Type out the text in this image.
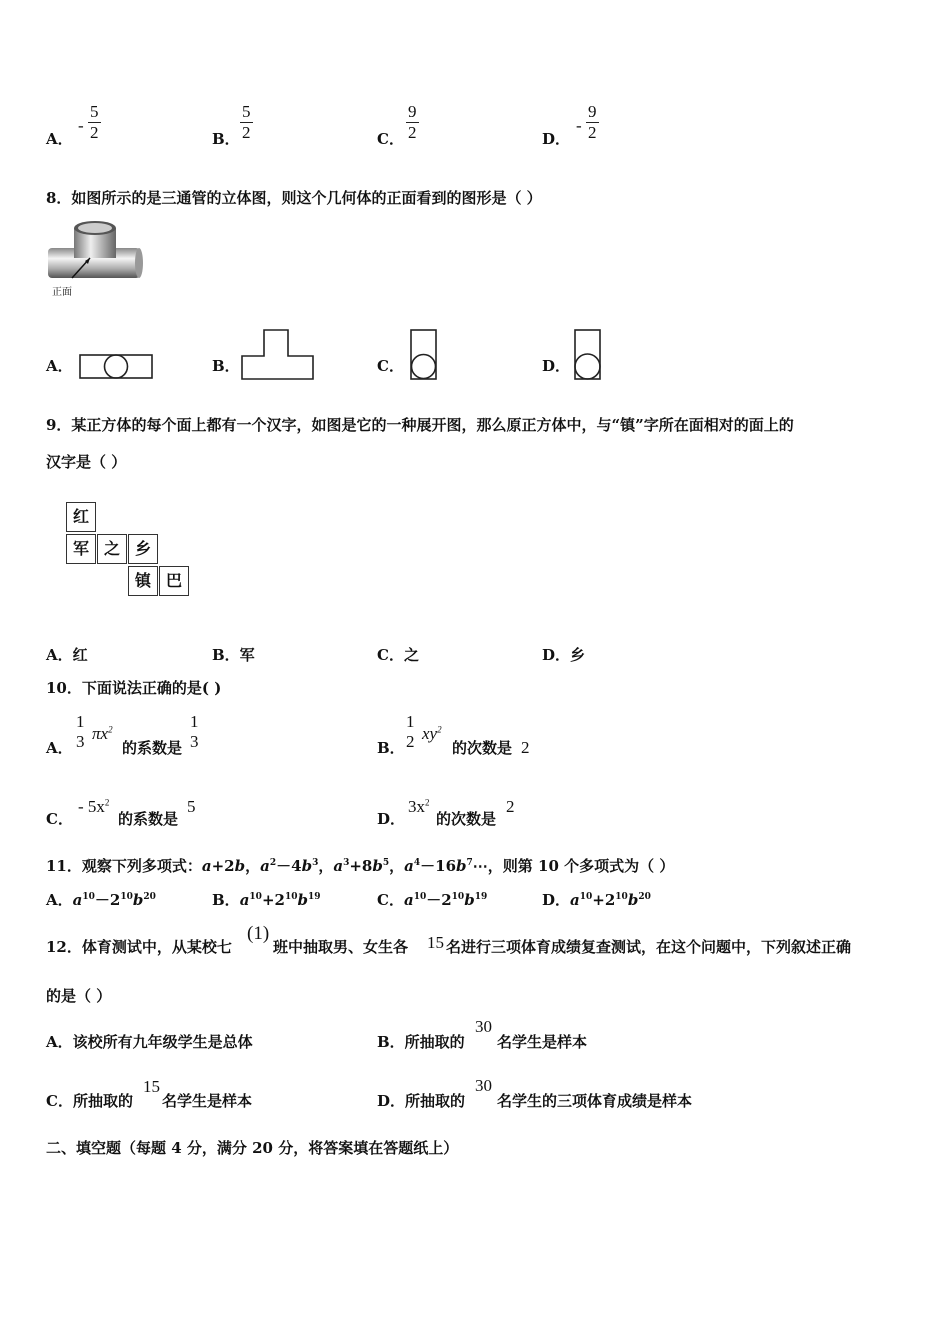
A．
- $\frac{5}{2}$	B． $\frac{5}{2}$	C． $\frac{9}{2}$	D．
- $\frac{9}{2}$
8．如图所示的是三通管的立体图，则这个几何体的正面看到的图形是（ ）
正面
A．	B．	C．	D．
9．某正方体的每个面上都有一个汉字，如图是它的一种展开图，那么原正方体中，与“镇”字所在面相对的面上的
汉字是（ ）
红
军 之 乡
镇 巴
A．红	B．军	C．之	D．乡
10．下面说法正确的是( )
A．
1
3 $\pi x^2$
的系数是
1
3	B．
1
2 $xy^2$
的次数是 2
C．
- $5x^2$
的系数是
5
D．
$3x^2$
的次数是
2
11．观察下列多项式：a+2b，$a^2-4b^3$，$a^3+8b^5$，$a^4-16b^7\cdots$，则第 10 个多项式为（ ）
A．$a^{10}-2^{10}b^{20}$	B．$a^{10}+2^{10}b^{19}$	C．$a^{10}-2^{10}b^{19}$	D．$a^{10}+2^{10}b^{20}$
12．体育测试中，从某校七
(1)
班中抽取男、女生各 15 名进行三项体育成绩复查测试，在这个问题中，下列叙述正确
的是（ ）
A．该校所有九年级学生是总体	B．所抽取的
30
名学生是样本
C．所抽取的
15
名学生是样本	D．所抽取的
30
名学生的三项体育成绩是样本
二、填空题（每题 4 分，满分 20 分，将答案填在答题纸上）
